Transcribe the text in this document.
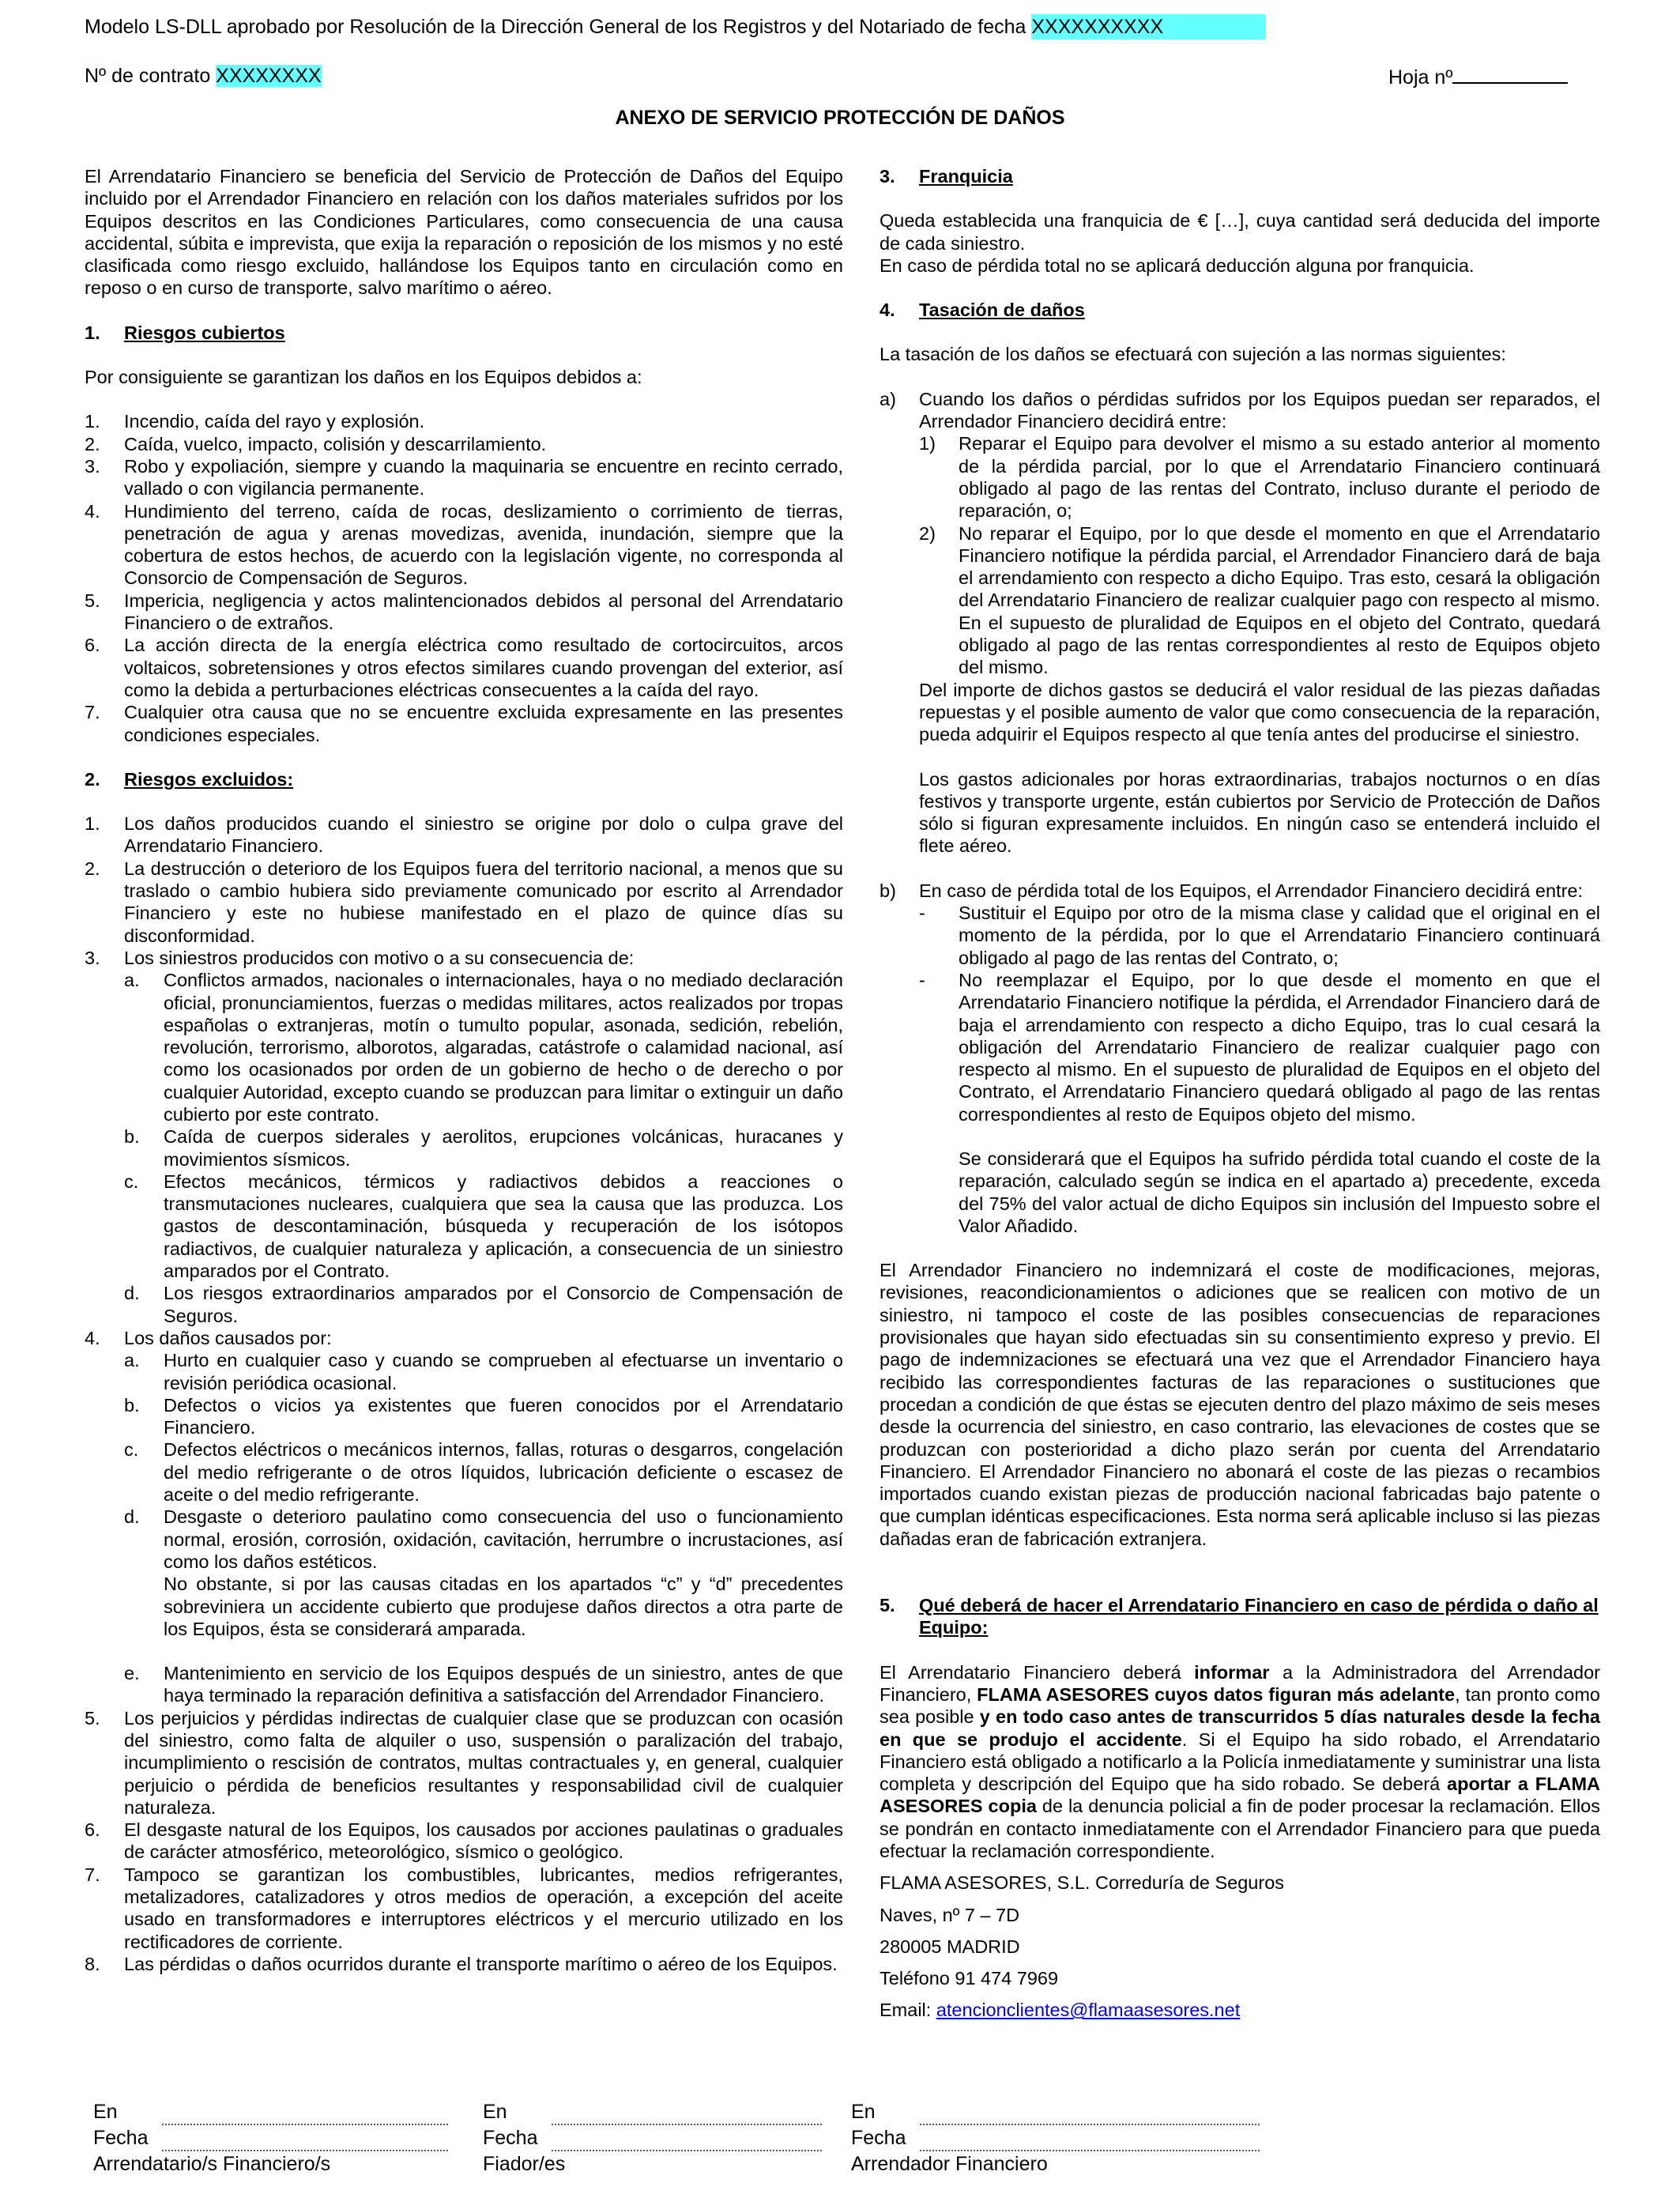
Modelo LS-DLL aprobado por Resolución de la Dirección General de los Registros y del Notariado de fecha XXXXXXXXXX
Nº de contrato XXXXXXXX	Hoja nº
ANEXO DE SERVICIO PROTECCIÓN DE DAÑOS

El Arrendatario Financiero se beneficia del Servicio de Protección de Daños del Equipo incluido por el Arrendador Financiero en relación con los daños materiales sufridos por los Equipos descritos en las Condiciones Particulares, como consecuencia de una causa accidental, súbita e imprevista, que exija la reparación o reposición de los mismos y no esté clasificada como riesgo excluido, hallándose los Equipos tanto en circulación como en reposo o en curso de transporte, salvo marítimo o aéreo.

1.	Riesgos cubiertos

Por consiguiente se garantizan los daños en los Equipos debidos a:

1.	Incendio, caída del rayo y explosión.
2.	Caída, vuelco, impacto, colisión y descarrilamiento.
3.	Robo y expoliación, siempre y cuando la maquinaria se encuentre en recinto cerrado, vallado o con vigilancia permanente.
4.	Hundimiento del terreno, caída de rocas, deslizamiento o corrimiento de tierras, penetración de agua y arenas movedizas, avenida, inundación, siempre que la cobertura de estos hechos, de acuerdo con la legislación vigente, no corresponda al Consorcio de Compensación de Seguros.
5.	Impericia, negligencia y actos malintencionados debidos al personal del Arrendatario Financiero o de extraños.
6.	La acción directa de la energía eléctrica como resultado de cortocircuitos, arcos voltaicos, sobretensiones y otros efectos similares cuando provengan del exterior, así como la debida a perturbaciones eléctricas consecuentes a la caída del rayo.
7.	Cualquier otra causa que no se encuentre excluida expresamente en las presentes condiciones especiales.
2.	Riesgos excluidos:
1.	Los daños producidos cuando el siniestro se origine por dolo o culpa grave del Arrendatario Financiero.
2.	La destrucción o deterioro de los Equipos fuera del territorio nacional, a menos que su traslado o cambio hubiera sido previamente comunicado por escrito al Arrendador Financiero y este no hubiese manifestado en el plazo de quince días su disconformidad.
3.	Los siniestros producidos con motivo o a su consecuencia de:
a.	Conflictos armados, nacionales o internacionales, haya o no mediado declaración oficial, pronunciamientos, fuerzas o medidas militares, actos realizados por tropas españolas o extranjeras, motín o tumulto popular, asonada, sedición, rebelión, revolución, terrorismo, alborotos, algaradas, catástrofe o calamidad nacional, así como los ocasionados por orden de un gobierno de hecho o de derecho o por cualquier Autoridad, excepto cuando se produzcan para limitar o extinguir un daño cubierto por este contrato.
b.	Caída de cuerpos siderales y aerolitos, erupciones volcánicas, huracanes y movimientos sísmicos.
c.	Efectos mecánicos, térmicos y radiactivos debidos a reacciones o transmutaciones nucleares, cualquiera que sea la causa que las produzca. Los gastos de descontaminación, búsqueda y recuperación de los isótopos radiactivos, de cualquier naturaleza y aplicación, a consecuencia de un siniestro amparados por el Contrato.
d.	Los riesgos extraordinarios amparados por el Consorcio de Compensación de Seguros.
4.	Los daños causados por:
a.	Hurto en cualquier caso y cuando se comprueben al efectuarse un inventario o revisión periódica ocasional.
b.	Defectos o vicios ya existentes que fueren conocidos por el Arrendatario Financiero.
c.	Defectos eléctricos o mecánicos internos, fallas, roturas o desgarros, congelación del medio refrigerante o de otros líquidos, lubricación deficiente o escasez de aceite o del medio refrigerante.
d.	Desgaste o deterioro paulatino como consecuencia del uso o funcionamiento normal, erosión, corrosión, oxidación, cavitación, herrumbre o incrustaciones, así como los daños estéticos.

No obstante, si por las causas citadas en los apartados “c” y “d” precedentes sobreviniera un accidente cubierto que produjese daños directos a otra parte de los Equipos, ésta se considerará amparada.

e.	Mantenimiento en servicio de los Equipos después de un siniestro, antes de que haya terminado la reparación definitiva a satisfacción del Arrendador Financiero.
5.	Los perjuicios y pérdidas indirectas de cualquier clase que se produzcan con ocasión del siniestro, como falta de alquiler o uso, suspensión o paralización del trabajo, incumplimiento o rescisión de contratos, multas contractuales y, en general, cualquier perjuicio o pérdida de beneficios resultantes y responsabilidad civil de cualquier naturaleza.
6.	El desgaste natural de los Equipos, los causados por acciones paulatinas o graduales de carácter atmosférico, meteorológico, sísmico o geológico.
7.	Tampoco se garantizan los combustibles, lubricantes, medios refrigerantes, metalizadores, catalizadores y otros medios de operación, a excepción del aceite usado en transformadores e interruptores eléctricos y el mercurio utilizado en los rectificadores de corriente.
8.	Las pérdidas o daños ocurridos durante el transporte marítimo o aéreo de los Equipos.
3.	Franquicia

Queda establecida una franquicia de € […], cuya cantidad será deducida del importe de cada siniestro.

En caso de pérdida total no se aplicará deducción alguna por franquicia.

4.	Tasación de daños

La tasación de los daños se efectuará con sujeción a las normas siguientes:

a)	Cuando los daños o pérdidas sufridos por los Equipos puedan ser reparados, el Arrendador Financiero decidirá entre:
1)	Reparar el Equipo para devolver el mismo a su estado anterior al momento de la pérdida parcial, por lo que el Arrendatario Financiero continuará obligado al pago de las rentas del Contrato, incluso durante el periodo de reparación, o;
2)	No reparar el Equipo, por lo que desde el momento en que el Arrendatario Financiero notifique la pérdida parcial, el Arrendador Financiero dará de baja el arrendamiento con respecto a dicho Equipo. Tras esto, cesará la obligación del Arrendatario Financiero de realizar cualquier pago con respecto al mismo. En el supuesto de pluralidad de Equipos en el objeto del Contrato, quedará obligado al pago de las rentas correspondientes al resto de Equipos objeto del mismo.

Del importe de dichos gastos se deducirá el valor residual de las piezas dañadas repuestas y el posible aumento de valor que como consecuencia de la reparación, pueda adquirir el Equipos respecto al que tenía antes del producirse el siniestro.

Los gastos adicionales por horas extraordinarias, trabajos nocturnos o en días festivos y transporte urgente, están cubiertos por Servicio de Protección de Daños sólo si figuran expresamente incluidos. En ningún caso se entenderá incluido el flete aéreo.

b)	En caso de pérdida total de los Equipos, el Arrendador Financiero decidirá entre:
-	Sustituir el Equipo por otro de la misma clase y calidad que el original en el momento de la pérdida, por lo que el Arrendatario Financiero continuará obligado al pago de las rentas del Contrato, o;
-	No reemplazar el Equipo, por lo que desde el momento en que el Arrendatario Financiero notifique la pérdida, el Arrendador Financiero dará de baja el arrendamiento con respecto a dicho Equipo, tras lo cual cesará la obligación del Arrendatario Financiero de realizar cualquier pago con respecto al mismo. En el supuesto de pluralidad de Equipos en el objeto del Contrato, el Arrendatario Financiero quedará obligado al pago de las rentas correspondientes al resto de Equipos objeto del mismo.

Se considerará que el Equipos ha sufrido pérdida total cuando el coste de la reparación, calculado según se indica en el apartado a) precedente, exceda del 75% del valor actual de dicho Equipos sin inclusión del Impuesto sobre el Valor Añadido.

El Arrendador Financiero no indemnizará el coste de modificaciones, mejoras, revisiones, reacondicionamientos o adiciones que se realicen con motivo de un siniestro, ni tampoco el coste de las posibles consecuencias de reparaciones provisionales que hayan sido efectuadas sin su consentimiento expreso y previo. El pago de indemnizaciones se efectuará una vez que el Arrendador Financiero haya recibido las correspondientes facturas de las reparaciones o sustituciones que procedan a condición de que éstas se ejecuten dentro del plazo máximo de seis meses desde la ocurrencia del siniestro, en caso contrario, las elevaciones de costes que se produzcan con posterioridad a dicho plazo serán por cuenta del Arrendatario Financiero. El Arrendador Financiero no abonará el coste de las piezas o recambios importados cuando existan piezas de producción nacional fabricadas bajo patente o que cumplan idénticas especificaciones. Esta norma será aplicable incluso si las piezas dañadas eran de fabricación extranjera.

5.	Qué deberá de hacer el Arrendatario Financiero en caso de pérdida o daño al Equipo:

El Arrendatario Financiero deberá informar a la Administradora del Arrendador Financiero, FLAMA ASESORES cuyos datos figuran más adelante, tan pronto como sea posible y en todo caso antes de transcurridos 5 días naturales desde la fecha en que se produjo el accidente. Si el Equipo ha sido robado, el Arrendatario Financiero está obligado a notificarlo a la Policía inmediatamente y suministrar una lista completa y descripción del Equipo que ha sido robado. Se deberá aportar a FLAMA ASESORES copia de la denuncia policial a fin de poder procesar la reclamación. Ellos se pondrán en contacto inmediatamente con el Arrendador Financiero para que pueda efectuar la reclamación correspondiente.

FLAMA ASESORES, S.L. Correduría de Seguros

Naves, nº 7 – 7D

280005 MADRID

Teléfono 91 474 7969

Email: atencionclientes@flamaasesores.net

En
Fecha
Arrendatario/s Financiero/s
En
Fecha
Fiador/es
En
Fecha
Arrendador Financiero
